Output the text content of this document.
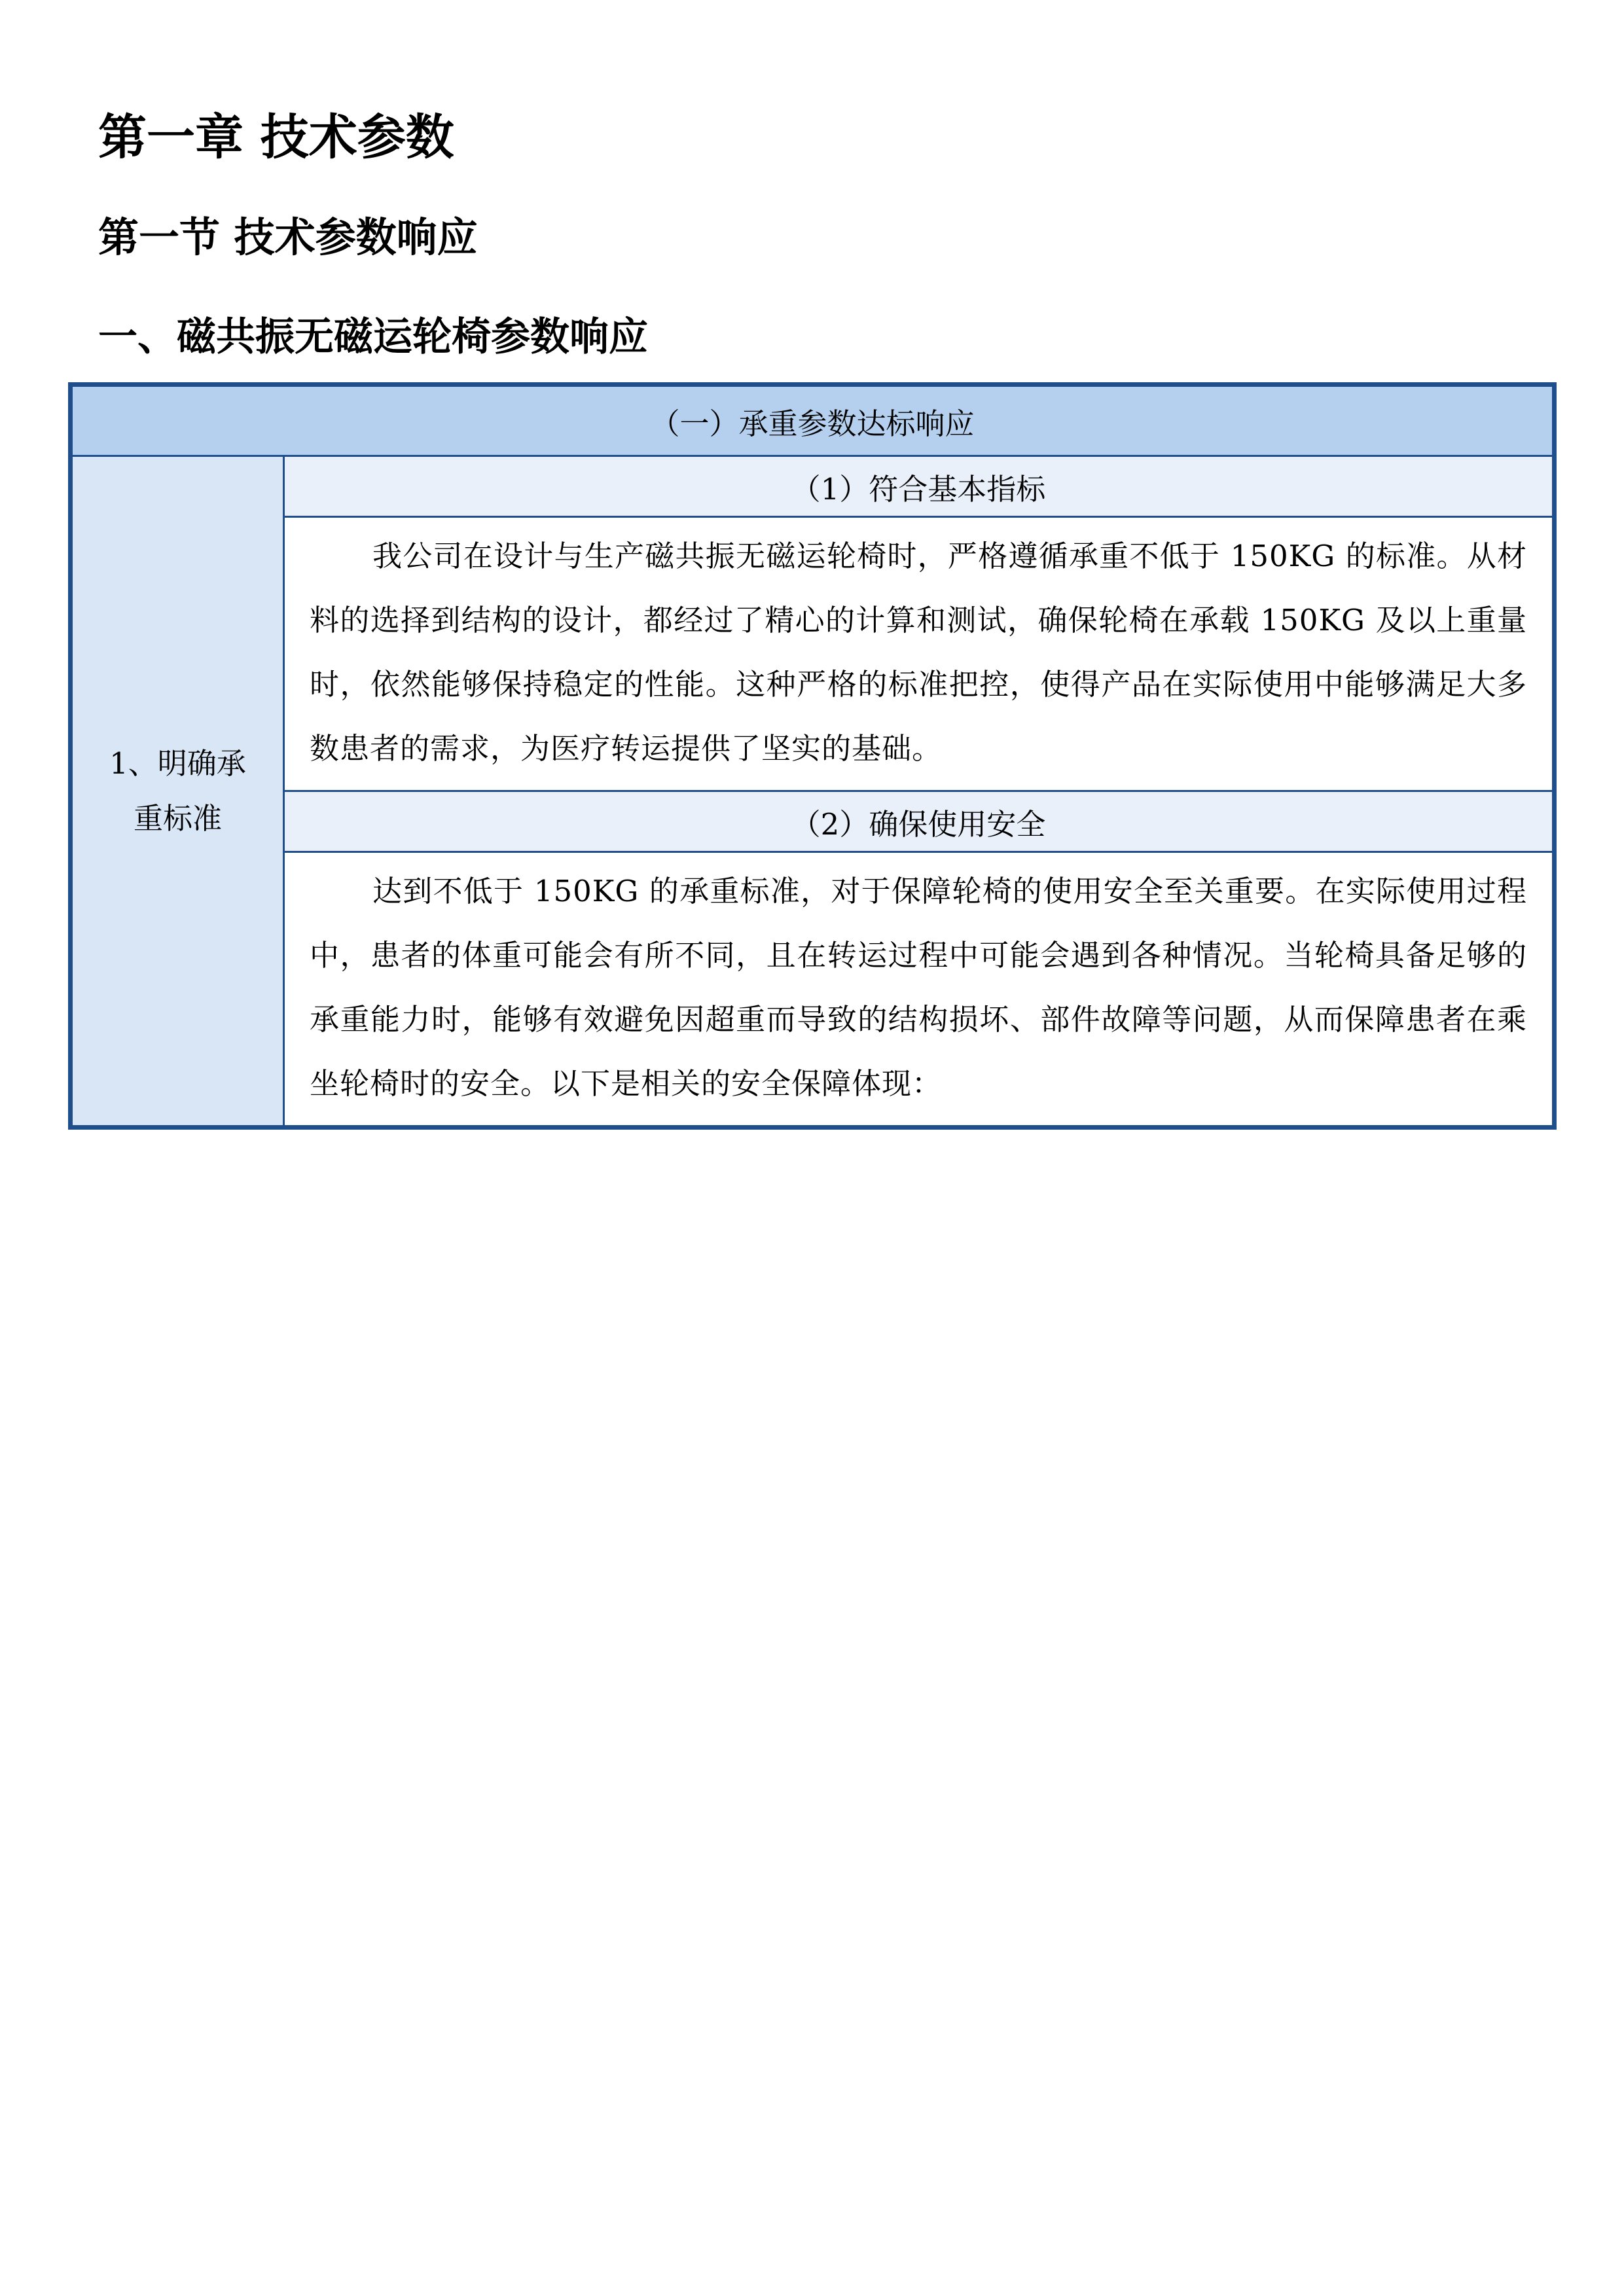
第一章 技术参数
第一节 技术参数响应
一、磁共振无磁运轮椅参数响应
（一）承重参数达标响应
1、明确承重标准	（1）符合基本指标
我公司在设计与生产磁共振无磁运轮椅时，严格遵循承重不低于 150KG 的标准。从材料的选择到结构的设计，都经过了精心的计算和测试，确保轮椅在承载 150KG 及以上重量时，依然能够保持稳定的性能。这种严格的标准把控，使得产品在实际使用中能够满足大多数患者的需求，为医疗转运提供了坚实的基础。
（2）确保使用安全
达到不低于 150KG 的承重标准，对于保障轮椅的使用安全至关重要。在实际使用过程中，患者的体重可能会有所不同，且在转运过程中可能会遇到各种情况。当轮椅具备足够的承重能力时，能够有效避免因超重而导致的结构损坏、部件故障等问题，从而保障患者在乘坐轮椅时的安全。以下是相关的安全保障体现：
